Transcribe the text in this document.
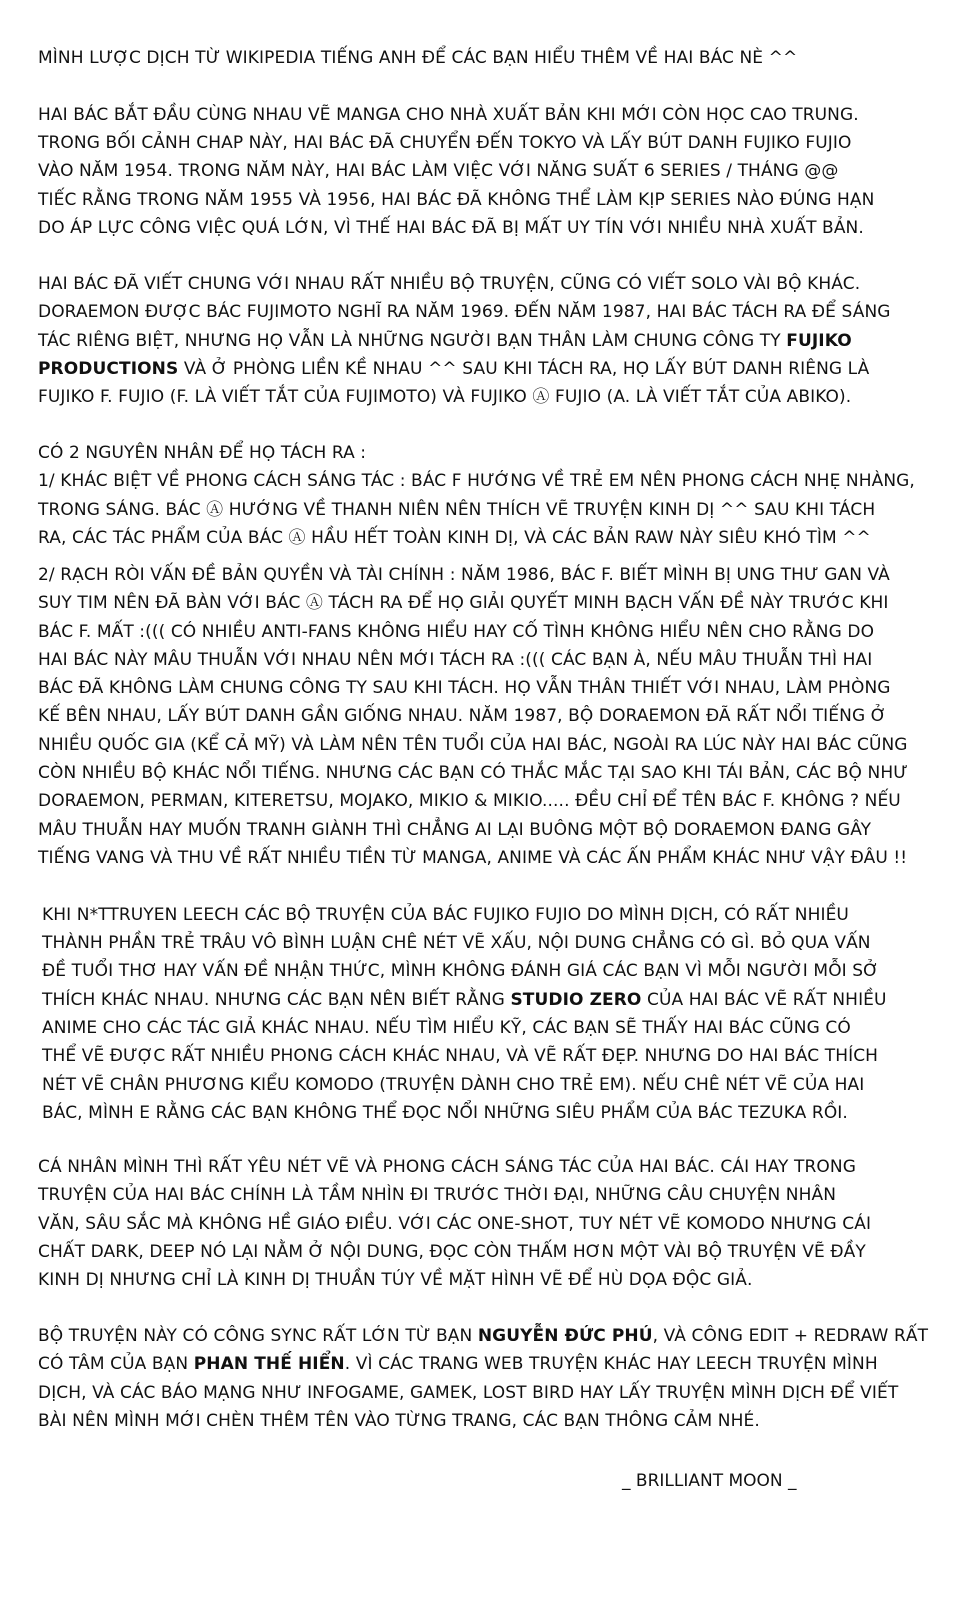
MÌNH LƯỢC DỊCH TỪ WIKIPEDIA TIẾNG ANH ĐỂ CÁC BẠN HIỂU THÊM VỀ HAI BÁC NÈ ^^
HAI BÁC BẮT ĐẦU CÙNG NHAU VẼ MANGA CHO NHÀ XUẤT BẢN KHI MỚI CÒN HỌC CAO TRUNG.
TRONG BỐI CẢNH CHAP NÀY, HAI BÁC ĐÃ CHUYỂN ĐẾN TOKYO VÀ LẤY BÚT DANH FUJIKO FUJIO
VÀO NĂM 1954. TRONG NĂM NÀY, HAI BÁC LÀM VIỆC VỚI NĂNG SUẤT 6 SERIES / THÁNG @@
TIẾC RẰNG TRONG NĂM 1955 VÀ 1956, HAI BÁC ĐÃ KHÔNG THỂ LÀM KỊP SERIES NÀO ĐÚNG HẠN
DO ÁP LỰC CÔNG VIỆC QUÁ LỚN, VÌ THẾ HAI BÁC ĐÃ BỊ MẤT UY TÍN VỚI NHIỀU NHÀ XUẤT BẢN.
HAI BÁC ĐÃ VIẾT CHUNG VỚI NHAU RẤT NHIỀU BỘ TRUYỆN, CŨNG CÓ VIẾT SOLO VÀI BỘ KHÁC.
DORAEMON ĐƯỢC BÁC FUJIMOTO NGHĨ RA NĂM 1969. ĐẾN NĂM 1987, HAI BÁC TÁCH RA ĐỂ SÁNG
TÁC RIÊNG BIỆT, NHƯNG HỌ VẪN LÀ NHỮNG NGƯỜI BẠN THÂN LÀM CHUNG CÔNG TY FUJIKO
PRODUCTIONS VÀ Ở PHÒNG LIỀN KỀ NHAU ^^ SAU KHI TÁCH RA, HỌ LẤY BÚT DANH RIÊNG LÀ
FUJIKO F. FUJIO (F. LÀ VIẾT TẮT CỦA FUJIMOTO) VÀ FUJIKO Ⓐ FUJIO (A. LÀ VIẾT TẮT CỦA ABIKO).
CÓ 2 NGUYÊN NHÂN ĐỂ HỌ TÁCH RA :
1/ KHÁC BIỆT VỀ PHONG CÁCH SÁNG TÁC : BÁC F HƯỚNG VỀ TRẺ EM NÊN PHONG CÁCH NHẸ NHÀNG,
TRONG SÁNG. BÁC Ⓐ HƯỚNG VỀ THANH NIÊN NÊN THÍCH VẼ TRUYỆN KINH DỊ ^^ SAU KHI TÁCH
RA, CÁC TÁC PHẨM CỦA BÁC Ⓐ HẦU HẾT TOÀN KINH DỊ, VÀ CÁC BẢN RAW NÀY SIÊU KHÓ TÌM ^^
2/ RẠCH RÒI VẤN ĐỀ BẢN QUYỀN VÀ TÀI CHÍNH : NĂM 1986, BÁC F. BIẾT MÌNH BỊ UNG THƯ GAN VÀ
SUY TIM NÊN ĐÃ BÀN VỚI BÁC Ⓐ TÁCH RA ĐỂ HỌ GIẢI QUYẾT MINH BẠCH VẤN ĐỀ NÀY TRƯỚC KHI
BÁC F. MẤT :((( CÓ NHIỀU ANTI-FANS KHÔNG HIỂU HAY CỐ TÌNH KHÔNG HIỂU NÊN CHO RẰNG DO
HAI BÁC NÀY MÂU THUẪN VỚI NHAU NÊN MỚI TÁCH RA :((( CÁC BẠN À, NẾU MÂU THUẪN THÌ HAI
BÁC ĐÃ KHÔNG LÀM CHUNG CÔNG TY SAU KHI TÁCH. HỌ VẪN THÂN THIẾT VỚI NHAU, LÀM PHÒNG
KẾ BÊN NHAU, LẤY BÚT DANH GẦN GIỐNG NHAU. NĂM 1987, BỘ DORAEMON ĐÃ RẤT NỔI TIẾNG Ở
NHIỀU QUỐC GIA (KỂ CẢ MỸ) VÀ LÀM NÊN TÊN TUỔI CỦA HAI BÁC, NGOÀI RA LÚC NÀY HAI BÁC CŨNG
CÒN NHIỀU BỘ KHÁC NỔI TIẾNG. NHƯNG CÁC BẠN CÓ THẮC MẮC TẠI SAO KHI TÁI BẢN, CÁC BỘ NHƯ
DORAEMON, PERMAN, KITERETSU, MOJAKO, MIKIO & MIKIO..... ĐỀU CHỈ ĐỂ TÊN BÁC F. KHÔNG ? NẾU
MÂU THUẪN HAY MUỐN TRANH GIÀNH THÌ CHẲNG AI LẠI BUÔNG MỘT BỘ DORAEMON ĐANG GÂY
TIẾNG VANG VÀ THU VỀ RẤT NHIỀU TIỀN TỪ MANGA, ANIME VÀ CÁC ẤN PHẨM KHÁC NHƯ VẬY ĐÂU !!
KHI N*TTRUYEN LEECH CÁC BỘ TRUYỆN CỦA BÁC FUJIKO FUJIO DO MÌNH DỊCH, CÓ RẤT NHIỀU
THÀNH PHẦN TRẺ TRÂU VÔ BÌNH LUẬN CHÊ NÉT VẼ XẤU, NỘI DUNG CHẲNG CÓ GÌ. BỎ QUA VẤN
ĐỀ TUỔI THƠ HAY VẤN ĐỀ NHẬN THỨC, MÌNH KHÔNG ĐÁNH GIÁ CÁC BẠN VÌ MỖI NGƯỜI MỖI SỞ
THÍCH KHÁC NHAU. NHƯNG CÁC BẠN NÊN BIẾT RẰNG STUDIO ZERO CỦA HAI BÁC VẼ RẤT NHIỀU
ANIME CHO CÁC TÁC GIẢ KHÁC NHAU. NẾU TÌM HIỂU KỸ, CÁC BẠN SẼ THẤY HAI BÁC CŨNG CÓ
THỂ VẼ ĐƯỢC RẤT NHIỀU PHONG CÁCH KHÁC NHAU, VÀ VẼ RẤT ĐẸP. NHƯNG DO HAI BÁC THÍCH
NÉT VẼ CHÂN PHƯƠNG KIỂU KOMODO (TRUYỆN DÀNH CHO TRẺ EM). NẾU CHÊ NÉT VẼ CỦA HAI
BÁC, MÌNH E RẰNG CÁC BẠN KHÔNG THỂ ĐỌC NỔI NHỮNG SIÊU PHẨM CỦA BÁC TEZUKA RỒI.
CÁ NHÂN MÌNH THÌ RẤT YÊU NÉT VẼ VÀ PHONG CÁCH SÁNG TÁC CỦA HAI BÁC. CÁI HAY TRONG
TRUYỆN CỦA HAI BÁC CHÍNH LÀ TẦM NHÌN ĐI TRƯỚC THỜI ĐẠI, NHỮNG CÂU CHUYỆN NHÂN
VĂN, SÂU SẮC MÀ KHÔNG HỀ GIÁO ĐIỀU. VỚI CÁC ONE-SHOT, TUY NÉT VẼ KOMODO NHƯNG CÁI
CHẤT DARK, DEEP NÓ LẠI NẰM Ở NỘI DUNG, ĐỌC CÒN THẤM HƠN MỘT VÀI BỘ TRUYỆN VẼ ĐẦY
KINH DỊ NHƯNG CHỈ LÀ KINH DỊ THUẦN TÚY VỀ MẶT HÌNH VẼ ĐỂ HÙ DỌA ĐỘC GIẢ.
BỘ TRUYỆN NÀY CÓ CÔNG SYNC RẤT LỚN TỪ BẠN NGUYỄN ĐỨC PHÚ, VÀ CÔNG EDIT + REDRAW RẤT
CÓ TÂM CỦA BẠN PHAN THẾ HIỂN. VÌ CÁC TRANG WEB TRUYỆN KHÁC HAY LEECH TRUYỆN MÌNH
DỊCH, VÀ CÁC BÁO MẠNG NHƯ INFOGAME, GAMEK, LOST BIRD HAY LẤY TRUYỆN MÌNH DỊCH ĐỂ VIẾT
BÀI NÊN MÌNH MỚI CHÈN THÊM TÊN VÀO TỪNG TRANG, CÁC BẠN THÔNG CẢM NHÉ.
_ BRILLIANT MOON _
